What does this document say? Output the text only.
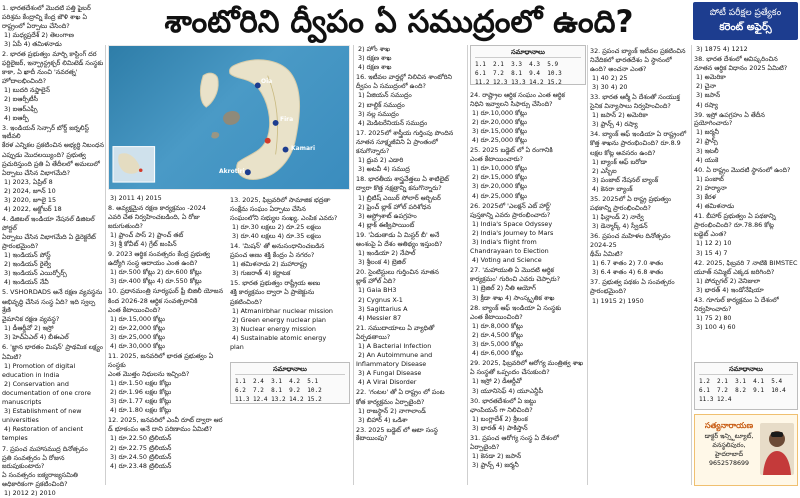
శాంటోరిని ద్వీపం ఏ సముద్రంలో ఉంది?	పోటీ పరీక్షల ప్రత్యేకం
కరెంట్ అఫైర్స్

1. భారతదేశంలో మొదటి పత్తి ఫైబర్

పరిశ్రమ కేంద్రాన్ని కేంద్ర జౌళి శాఖ ఏ

రాష్ట్రంలో ఏర్పాటు చేసింది?

1) మధ్యప్రదేశ్ 2) తెలంగాణ

3) ఏపీ 4) తమిళనాడు

2. భారత ప్రభుత్వం మార్చి కాస్టింగ్ దర

ఫర్టిలైజర్, ఇన్ఫ్రాస్ట్రక్చర్ లిమిటెడ్ సంస్థకు

కాకా, ఏ ఖాదీ నుంచి 'నవరత్న'

హోదాలభించింది?

1) బుదరి నఫ్తాలైన్

2) ఐఆర్సీటీసీ

3) ఐఆర్ఎఫ్సీ

4) ఐఆర్పీ

3. ఇండియన్ సెన్సార్ బోర్డ్ జర్నలిస్ట్ ఇటీవలి

కేరళ ఎన్నికల ప్రకటించిన అభ్యర్థి నిబంధన

ఎప్పుడు మొదలయ్యింది? ప్రభుత్వ

ప్రచురిస్తుంది ప్రతి ఏ తేదీలలో అమలులో

ఏర్పాటు చేసిన విభాగమేది?

1) 2023, ఏప్రిల్ 8

2) 2024, జూన్ 10

3) 2020, జూలై 15

4) 2022, అక్టోబర్ 18

4. డిజిటల్ ఇండియా నేషనల్ డిజిటల్ పోర్టల్

ఏర్పాటు చేసిన విభాగమేది ఏ డైరెక్టరేట్

ప్రారంభమైంది?

1) ఇండియన్ పోస్ట్

2) ఇండియన్ రైల్వే

3) ఇండియన్ ఎయిర్ఫోర్స్

4) ఇండియన్ నేవీ

5. VSHORDADS అనే రక్షణ వ్యవస్థను

అభివృద్ధి చేసిన సంస్థ ఏది? ఇది స్వల్ప శ్రేణి

వైమానిక రక్షణ వ్యవస్థ?

1) డీఆర్డీవో 2) ఇస్రో

3) హెచ్ఏఎల్ 4) బీఈఎల్

6. 'జ్ఞాన భారతం మిషన్' ప్రాథమిక లక్ష్యం

ఏమిటి?

1) Promotion of digital

education in India

2) Conservation and

documentation of one crore

manuscripts

3) Establishment of new

universities

4) Restoration of ancient

temples

7. ప్రపంచ మహాసముద్ర దినోత్సవం

ప్రతి సంవత్సరం ఏ రోజున జరుపుకుంటారు?

ఏ సంవత్సరం ఐక్యరాజ్యసమితి

అధికారికంగా ప్రకటించింది?

1) 2012 2) 2010

Oia
Fira
Kamari
Akrotiri

3) 2011 4) 2015

8. అవ్యక్తమైన రక్షణ కార్యక్రమం -2024

ఎవరి చేత నిర్వహించబడింది, ఏ రోజు జరుగుతుంది?

1) ఫ్రాంచ్ పాస్ 2) ఫ్రాంచ్ తట్

3) శ్రీ కోవీట్ 4) గ్రేట్ జంపిన్

9. 2023 ఆర్థిక సంవత్సరం కేంద్ర ప్రభుత్వ

ఉద్యోగి సంస్థ ఆదాయం ఎంత ఉంది?

1) రూ.500 కోట్లు 2) రూ.600 కోట్లు

3) రూ.400 కోట్లు 4) రూ.550 కోట్లు

10. ప్రధానమంత్రి సూర్యఘర్ ఫ్రీ బిజిలీ యోజన

కింద 2026-28 ఆర్థిక సంవత్సరానికి

ఎంత కేటాయించింది?

1) రూ.15,000 కోట్లు

2) రూ.22,000 కోట్లు

3) రూ.25,000 కోట్లు

4) రూ.30,000 కోట్లు

11. 2025, జనవరిలో భారత ప్రభుత్వం ఏ సంస్థకు

ఎంత మొత్తం నిధులను ఇచ్చింది?

1) రూ.1.50 లక్షల కోట్లు

2) రూ.1.96 లక్షల కోట్లు

3) రూ.1.77 లక్షల కోట్లు

4) రూ.1.80 లక్షల కోట్లు

12. 2025, జనవరిలో ఎంవీ రూట్ ద్వారా ఆర

డ్ భూకంపం అనే దాని పరిణామం ఏమిటి?

1) రూ.22.50 ట్రిలియన్

2) రూ.22.75 ట్రిలియన్

3) రూ.24.50 ట్రిలియన్

4) రూ.23.48 ట్రిలియన్

13. 2025, ఫిబ్రవరిలో సామాజిక భద్రతా

సంక్షేమ సంఘం ఏర్పాటు చేసిన

సంఘంలోని సభ్యుల సంఖ్య, ఎంపిక ఎవరు?

1) రూ.30 లక్షలు 2) రూ.25 లక్షలు

3) రూ.40 లక్షలు 4) రూ.35 లక్షలు

14. 'మిషన్' తో అనుసంధానించబడిన

ప్రపంచ అణు శక్తి కేంద్రం ఏ నగరం?

1) తమిళనాడు 2) మహారాష్ట్ర

3) గుజరాత్ 4) కర్ణాటక

15. భారత ప్రభుత్వం రాష్ట్రీయ అణు

శక్తి కార్యక్రమం ద్వారా ఏ ప్రాజెక్టును

ప్రకటించింది?

1) Atmanirbhar nuclear mission

2) Green energy nuclear plan

3) Nuclear energy mission

4) Sustainable atomic energy

plan

సమాధానాలు
1.1  2.4  3.1  4.2  5.1
6.2  7.2  8.1  9.2  10.2
11.3 12.4 13.2 14.2 15.2

2) హోం శాఖ

3) రక్షణ శాఖ

4) రక్షణ శాఖ

16. ఇటీవల వార్తల్లో నిలిచిన శాంటోరిని

ద్వీపం ఏ సముద్రంలో ఉంది?

1) ఏజియన్ సముద్రం

2) బాల్టిక్ సముద్రం

3) నల్ల సముద్రం

4) మెడిటరేనియన్ సముద్రం

17. 2025లో శాస్త్రీయ గుర్తింపు పొందిన

నూతన సూక్ష్మజీవిని ఏ ప్రాంతంలో

కనుగొన్నారు?

1) ధ్రువ 2) ఎడారి

3) అటవీ 4) సముద్ర

18. భారతీయ శాస్త్రవేత్తలు ఏ శాటిలైట్

ద్వారా కొత్త నక్షత్రాన్ని కనుగొన్నారు?

1) బ్రిటిష్ ఎయిర్ సోలార్ ఆర్బిటర్

2) ఫ్రెంచ్ బ్లాక్ హోల్ పరిశోధన

3) ఆస్ట్రోశాట్ ఉపగ్రహం

4) బ్లాక్ ఈక్విపాయింట్

19. 'ఏడుతాడు ఏ మిస్టర్ బీ' అనే

అంశంపై ఏ దేశం ఆతిథ్యం ఇస్తుంది?

1) ఇండియా 2) నేపాల్

3) శ్రీలంక 4) బ్రెజిల్

20. సైంటిస్టులు గుర్తించిన నూతన

బ్లాక్ హోల్ ఏది?

1) Gaia BH3

2) Cygnus X-1

3) Sagittarius A

4) Messier 87

21. సముదాయాలు ఏ వ్యాధితో

ఏర్పడతాయి?

1) A Bacterial Infection

2) An Autoimmune and

Inflammatory Disease

3) A Fungal Disease

4) A Viral Disorder

22. 'గంటల' తో ఏ రాష్ట్రం లో పంట

కోత కార్యక్రమం ఏర్పాటైంది?

1) రాజస్థాన్ 2) నాగాలాండ్

3) బిహార్ 4) ఒడిశా

23. 2025 బడ్జెట్ లో ఆటా సంస్థ కేటాయింపు?

సమాధానాలు
1.1  2.1  3.3  4.3  5.9
6.1  7.2  8.1  9.4  10.3
11.2 12.3 13.3 14.2 15.2

24. రాష్ట్రాల ఆర్థిక సంఘం ఎంత ఆర్థిక

నిధిని ఇవ్వాలని సిఫార్సు చేసింది?

1) రూ.10,000 కోట్లు

2) రూ.20,000 కోట్లు

3) రూ.15,000 కోట్లు

4) రూ.25,000 కోట్లు

25. 2025 బడ్జెట్ లో ఏ రంగానికి

ఎంత కేటాయించారు?

1) రూ.10,000 కోట్లు

2) రూ.15,000 కోట్లు

3) రూ.20,000 కోట్లు

4) రూ.25,000 కోట్లు

26. 2025లో 'ఎలక్షన్ ఎట్ హార్ట్'

పుస్తకాన్ని ఎవరు ప్రారంభించారు?

1) India's Space Odyssey

2) India's Journey to Mars

3) India's flight from

Chandrayaan to Election

4) Voting and Science

27. 'మహాయుతి ఏ మొదటి ఆర్థిక

కార్యక్రమం' గురించి ఎవరు చెప్పారు?

1) బ్రెజిల్ 2) నీతి ఆయోగ్

3) క్రీడా శాఖ 4) సాంస్కృతిక శాఖ

28. బ్యాంక్ ఆఫ్ ఇండియా ఏ సంస్థకు

ఎంత కేటాయించింది?

1) రూ.8,000 కోట్లు

2) రూ.4,500 కోట్లు

3) రూ.5,000 కోట్లు

4) రూ.6,000 కోట్లు

29. 2025, ఫిబ్రవరిలో ఆరోగ్య మంత్రిత్వ శాఖ

ఏ సంస్థతో ఒప్పందం చేసుకుంది?

1) ఇస్రో 2) డీఆర్డీవో

3) యూనిసెఫ్ 4) యూఎన్డీపీ

30. భారతదేశంలో ఏ జట్టు

ఛాంపియన్ గా నిలిచింది?

1) బంగ్లాదేశ్ 2) శ్రీలంక

3) భారత్ 4) పాకిస్తాన్

31. ప్రపంచ ఆరోగ్య సంస్థ ఏ దేశంలో

ఏర్పాటైంది?

1) కెనడా 2) జపాన్

3) ఫ్రాన్స్ 4) జర్మనీ

32. ప్రపంచ బ్యాంక్ ఇటీవల ప్రకటించిన

నివేదికలో భారతదేశం ఏ స్థానంలో

ఉంది? అంచనా ఎంత?

1) 40 2) 25

3) 30 4) 20

33. భారత ఆర్మీ ఏ దేశంతో సంయుక్త

సైనిక విన్యాసాలు నిర్వహించింది?

1) జపాన్ 2) అమెరికా

3) ఫ్రాన్స్ 4) రష్యా

34. బ్యాంక్ ఆఫ్ ఇండియా ఏ రాష్ట్రంలో

కొత్త శాఖను ప్రారంభించింది? రూ.8.9

లక్షల కోట్ల అవసరం ఉంది?

1) బ్యాంక్ ఆఫ్ బరోడా

2) ఎస్బీఐ

3) పంజాబ్ నేషనల్ బ్యాంక్

4) కెనరా బ్యాంక్

35. 2025లో ఏ రాష్ట్ర ప్రభుత్వం

పథకాన్ని ప్రారంభించింది?

1) ఫిన్లాండ్ 2) నార్వే

3) డెన్మార్క్ 4) స్వీడన్

36. ప్రపంచ మహిళల దినోత్సవం 2024-25

థీమ్ ఏమిటి?

1) 6.7 శాతం 2) 7.0 శాతం

3) 6.4 శాతం 4) 6.8 శాతం

37. ప్రభుత్వ పథకం ఏ సంవత్సరం

ప్రారంభమైంది?

1) 1915 2) 1950

3) 1875 4) 1212

38. భారత దేశంలో ఆవిష్కరించిన

నూతన ఆర్థిక విధానం 2025 ఏమిటి?

1) అమెరికా

2) చైనా

3) జపాన్

4) రష్యా

39. ఇస్రో ఉపగ్రహం ఏ తేదీన ప్రయోగించారు?

1) జర్మనీ

2) ఫ్రాన్స్

3) ఇటలీ

4) యుకె

40. ఏ రాష్ట్రం మొదటి స్థానంలో ఉంది?

1) పంజాబ్

2) హర్యానా

3) కేరళ

4) తమిళనాడు

41. బీహార్ ప్రభుత్వం ఏ పథకాన్ని

ప్రారంభించింది? రూ.78.86 కోట్ల

బడ్జెట్ ఎంత?

1) 12 2) 10

3) 15 4) 7

42. 2025, ఫిబ్రవరి 7 నాటికి BIMSTEC

యూత్ సమ్మిట్ ఎక్కడ జరిగింది?

1) పోర్చుగల్ 2) వెనిజులా

3) భారత్ 4) ఇండోనేషియా

43. గూగుల్ కార్యక్రమం ఏ దేశంలో

నిర్వహించారు?

1) 75 2) 80

3) 100 4) 60

సమాధానాలు
1.2  2.1  3.1  4.1  5.4
6.1  7.2  8.2  9.1  10.4
11.3 12.4
సత్యనారాయణ
డాక్టర్ ఇన్స్టిట్యూట్,
వనస్థలిపురం,
హైదరాబాద్
9652578699
